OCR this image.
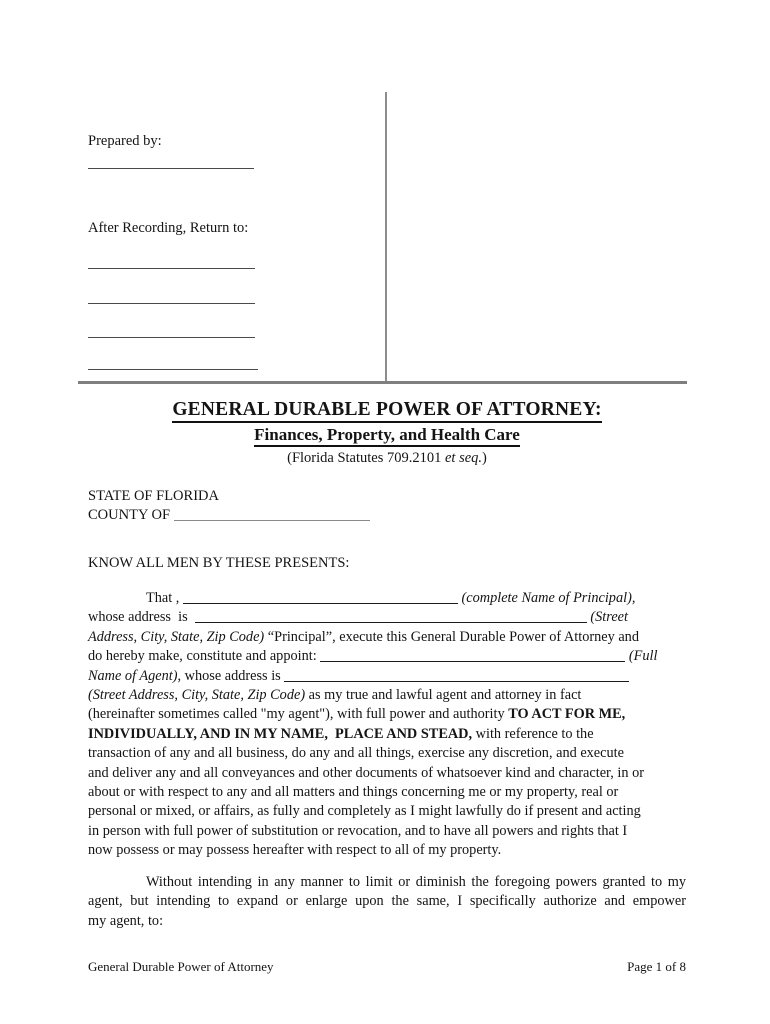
Prepared by:
After Recording, Return to:
GENERAL DURABLE POWER OF ATTORNEY:
Finances, Property, and Health Care
(Florida Statutes 709.2101 et seq.)
STATE OF FLORIDA
COUNTY OF
KNOW ALL MEN BY THESE PRESENTS:
That ,	(complete Name of Principal),
whose address  is	(Street
Address, City, State, Zip Code) “Principal”, execute this General Durable Power of Attorney and
do hereby make, constitute and appoint:	(Full
Name of Agent), whose address is
(Street Address, City, State, Zip Code) as my true and lawful agent and attorney in fact
(hereinafter sometimes called "my agent"), with full power and authority TO ACT FOR ME,
INDIVIDUALLY, AND IN MY NAME,  PLACE AND STEAD, with reference to the
transaction of any and all business, do any and all things, exercise any discretion, and execute
and deliver any and all conveyances and other documents of whatsoever kind and character, in or
about or with respect to any and all matters and things concerning me or my property, real or
personal or mixed, or affairs, as fully and completely as I might lawfully do if present and acting
in person with full power of substitution or revocation, and to have all powers and rights that I
now possess or may possess hereafter with respect to all of my property.
Without intending in any manner to limit or diminish the foregoing powers granted to my
agent, but intending to expand or enlarge upon the same, I specifically authorize and empower
my agent, to:
General Durable Power of Attorney	Page 1 of 8
